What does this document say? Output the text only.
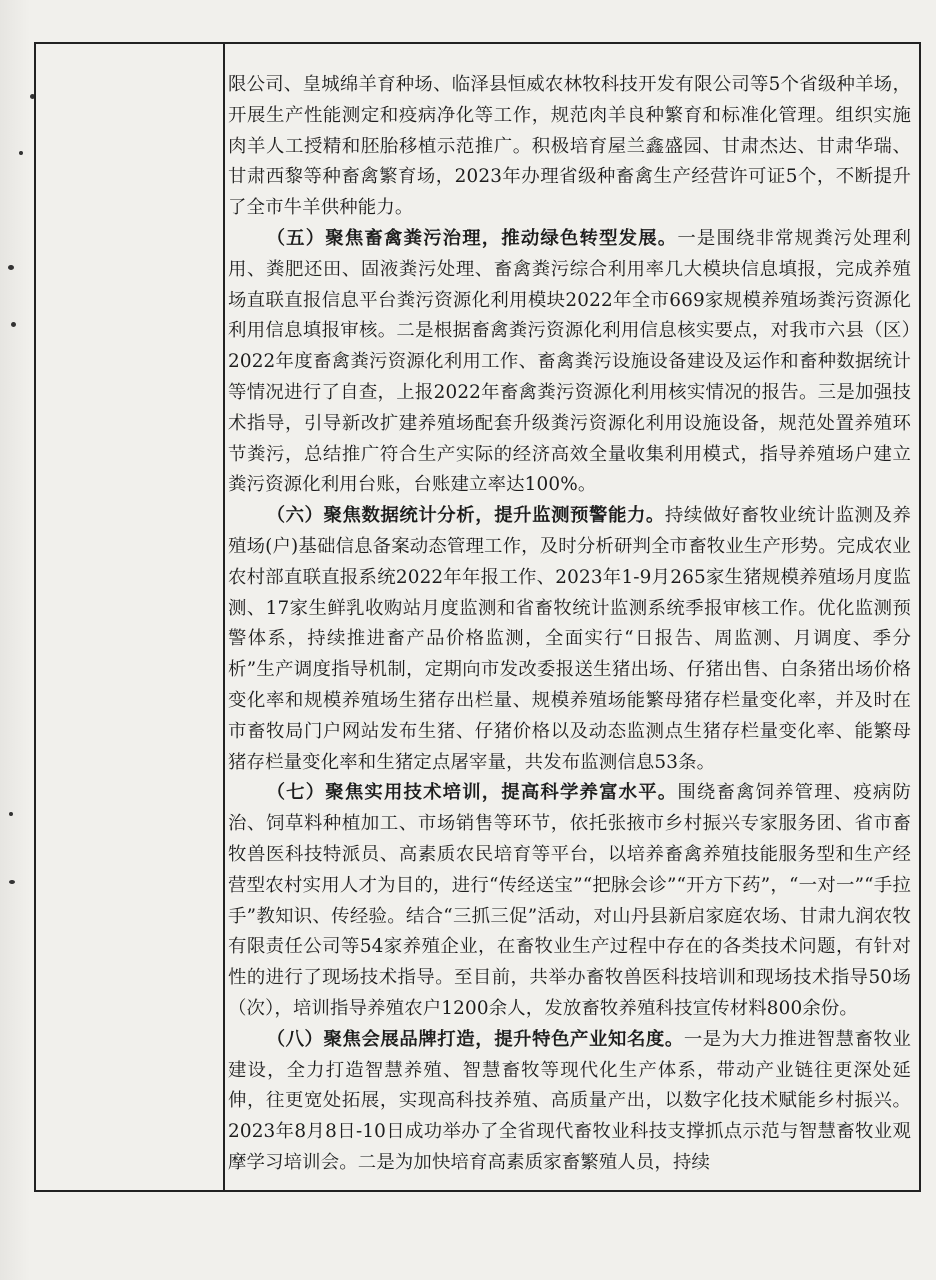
限公司、皇城绵羊育种场、临泽县恒威农林牧科技开发有限公司等5个省级种羊场，开展生产性能测定和疫病净化等工作，规范肉羊良种繁育和标准化管理。组织实施肉羊人工授精和胚胎移植示范推广。积极培育屋兰鑫盛园、甘肃杰达、甘肃华瑞、甘肃西黎等种畜禽繁育场，2023年办理省级种畜禽生产经营许可证5个，不断提升了全市牛羊供种能力。

（五）聚焦畜禽粪污治理，推动绿色转型发展。一是围绕非常规粪污处理利用、粪肥还田、固液粪污处理、畜禽粪污综合利用率几大模块信息填报，完成养殖场直联直报信息平台粪污资源化利用模块2022年全市669家规模养殖场粪污资源化利用信息填报审核。二是根据畜禽粪污资源化利用信息核实要点，对我市六县（区）2022年度畜禽粪污资源化利用工作、畜禽粪污设施设备建设及运作和畜种数据统计等情况进行了自查，上报2022年畜禽粪污资源化利用核实情况的报告。三是加强技术指导，引导新改扩建养殖场配套升级粪污资源化利用设施设备，规范处置养殖环节粪污，总结推广符合生产实际的经济高效全量收集利用模式，指导养殖场户建立粪污资源化利用台账，台账建立率达100%。

（六）聚焦数据统计分析，提升监测预警能力。持续做好畜牧业统计监测及养殖场(户)基础信息备案动态管理工作，及时分析研判全市畜牧业生产形势。完成农业农村部直联直报系统2022年年报工作、2023年1-9月265家生猪规模养殖场月度监测、17家生鲜乳收购站月度监测和省畜牧统计监测系统季报审核工作。优化监测预警体系，持续推进畜产品价格监测，全面实行“日报告、周监测、月调度、季分析”生产调度指导机制，定期向市发改委报送生猪出场、仔猪出售、白条猪出场价格变化率和规模养殖场生猪存出栏量、规模养殖场能繁母猪存栏量变化率，并及时在市畜牧局门户网站发布生猪、仔猪价格以及动态监测点生猪存栏量变化率、能繁母猪存栏量变化率和生猪定点屠宰量，共发布监测信息53条。

（七）聚焦实用技术培训，提高科学养富水平。围绕畜禽饲养管理、疫病防治、饲草料种植加工、市场销售等环节，依托张掖市乡村振兴专家服务团、省市畜牧兽医科技特派员、高素质农民培育等平台，以培养畜禽养殖技能服务型和生产经营型农村实用人才为目的，进行“传经送宝”“把脉会诊”“开方下药”，“一对一”“手拉手”教知识、传经验。结合“三抓三促”活动，对山丹县新启家庭农场、甘肃九润农牧有限责任公司等54家养殖企业，在畜牧业生产过程中存在的各类技术问题，有针对性的进行了现场技术指导。至目前，共举办畜牧兽医科技培训和现场技术指导50场（次），培训指导养殖农户1200余人，发放畜牧养殖科技宣传材料800余份。

（八）聚焦会展品牌打造，提升特色产业知名度。一是为大力推进智慧畜牧业建设，全力打造智慧养殖、智慧畜牧等现代化生产体系，带动产业链往更深处延伸，往更宽处拓展，实现高科技养殖、高质量产出，以数字化技术赋能乡村振兴。2023年8月8日-10日成功举办了全省现代畜牧业科技支撑抓点示范与智慧畜牧业观摩学习培训会。二是为加快培育高素质家畜繁殖人员，持续
